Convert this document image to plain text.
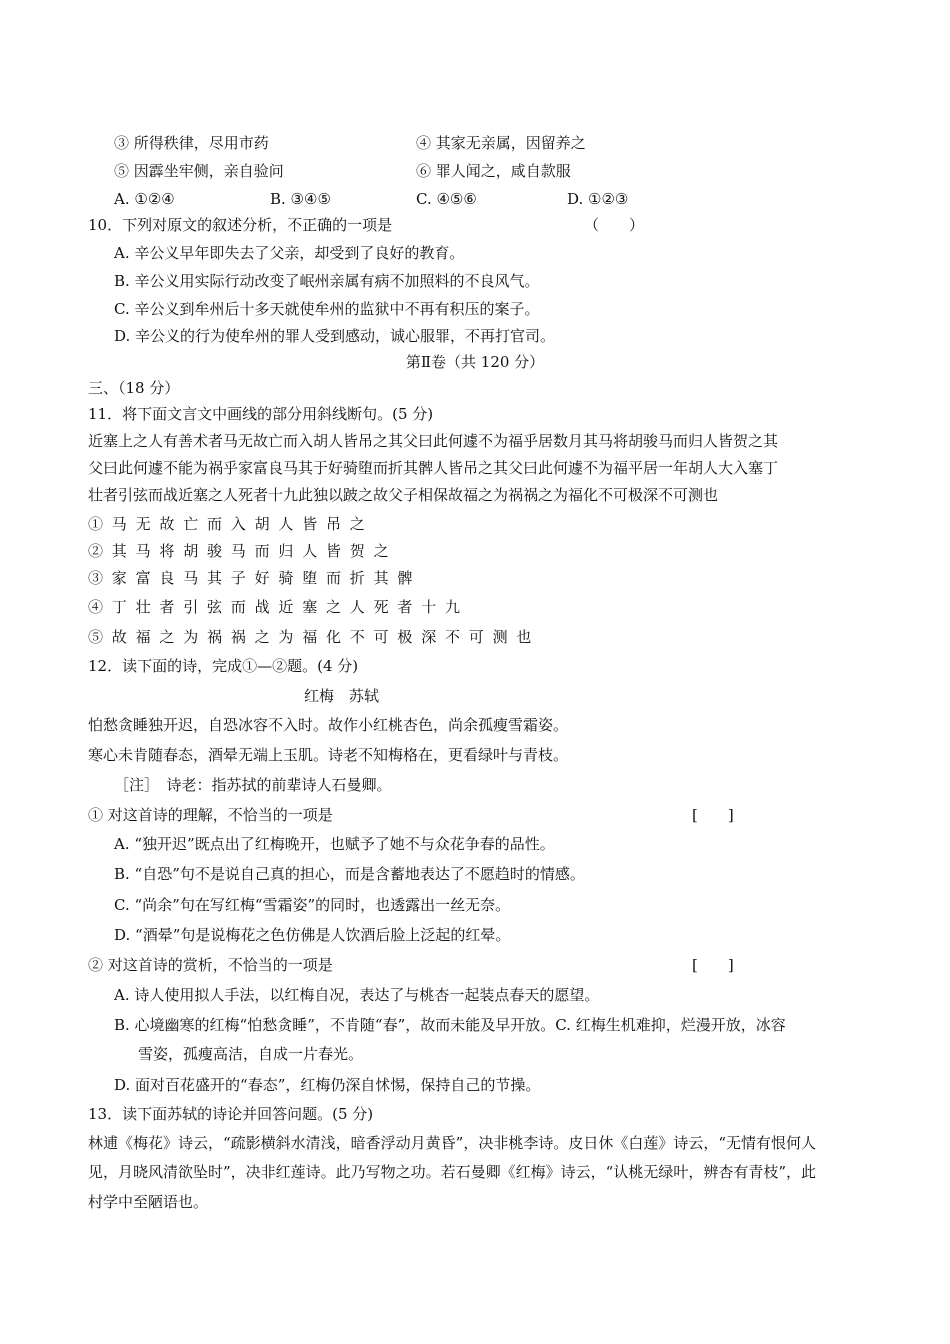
③ 所得秩律，尽用市药	④ 其家无亲属，因留养之
⑤ 因霹坐牢侧，亲自验问	⑥ 罪人闻之，咸自款服
A. ①②④	B. ③④⑤	C. ④⑤⑥	D. ①②③
10．下列对原文的叙述分析，不正确的一项是	（　　）
A. 辛公义早年即失去了父亲，却受到了良好的教育。
B. 辛公义用实际行动改变了岷州亲属有病不加照料的不良风气。
C. 辛公义到牟州后十多天就使牟州的监狱中不再有积压的案子。
D. 辛公义的行为使牟州的罪人受到感动，诚心服罪，不再打官司。
第Ⅱ卷（共 120 分）
三、（18 分）
11．将下面文言文中画线的部分用斜线断句。(5 分)
近塞上之人有善术者马无故亡而入胡人皆吊之其父曰此何遽不为福乎居数月其马将胡骏马而归人皆贺之其
父曰此何遽不能为祸乎家富良马其于好骑堕而折其髀人皆吊之其父曰此何遽不为福平居一年胡人大入塞丁
壮者引弦而战近塞之人死者十九此独以跛之故父子相保故福之为祸祸之为福化不可极深不可测也
①马无故亡而入胡人皆吊之
②其马将胡骏马而归人皆贺之
③家富良马其子好骑堕而折其髀
④丁壮者引弦而战近塞之人死者十九
⑤故福之为祸祸之为福化不可极深不可测也
12．读下面的诗，完成①—②题。(4 分)
红梅　苏轼
怕愁贪睡独开迟，自恐冰容不入时。故作小红桃杏色，尚余孤瘦雪霜姿。
寒心未肯随春态，酒晕无端上玉肌。诗老不知梅格在，更看绿叶与青枝。
［注］　诗老：指苏拭的前辈诗人石曼卿。
① 对这首诗的理解，不恰当的一项是	[　　]
A. “独开迟”既点出了红梅晚开，也赋予了她不与众花争春的品性。
B. “自恐”句不是说自己真的担心，而是含蓄地表达了不愿趋时的情感。
C. “尚余”句在写红梅“雪霜姿”的同时，也透露出一丝无奈。
D. “酒晕”句是说梅花之色仿佛是人饮酒后脸上泛起的红晕。
② 对这首诗的赏析，不恰当的一项是	[　　]
A. 诗人使用拟人手法，以红梅自况，表达了与桃杏一起装点春天的愿望。
B. 心境幽寒的红梅“怕愁贪睡”，不肯随“春”，故而未能及早开放。C. 红梅生机难抑，烂漫开放，冰容
雪姿，孤瘦高洁，自成一片春光。
D. 面对百花盛开的“春态”，红梅仍深自怵惕，保持自己的节操。
13．读下面苏轼的诗论并回答问题。(5 分)
林逋《梅花》诗云，“疏影横斜水清浅，暗香浮动月黄昏”，决非桃李诗。皮日休《白莲》诗云，“无情有恨何人
见，月晓风清欲坠时”，决非红莲诗。此乃写物之功。若石曼卿《红梅》诗云，“认桃无绿叶，辨杏有青枝”，此
村学中至陋语也。
